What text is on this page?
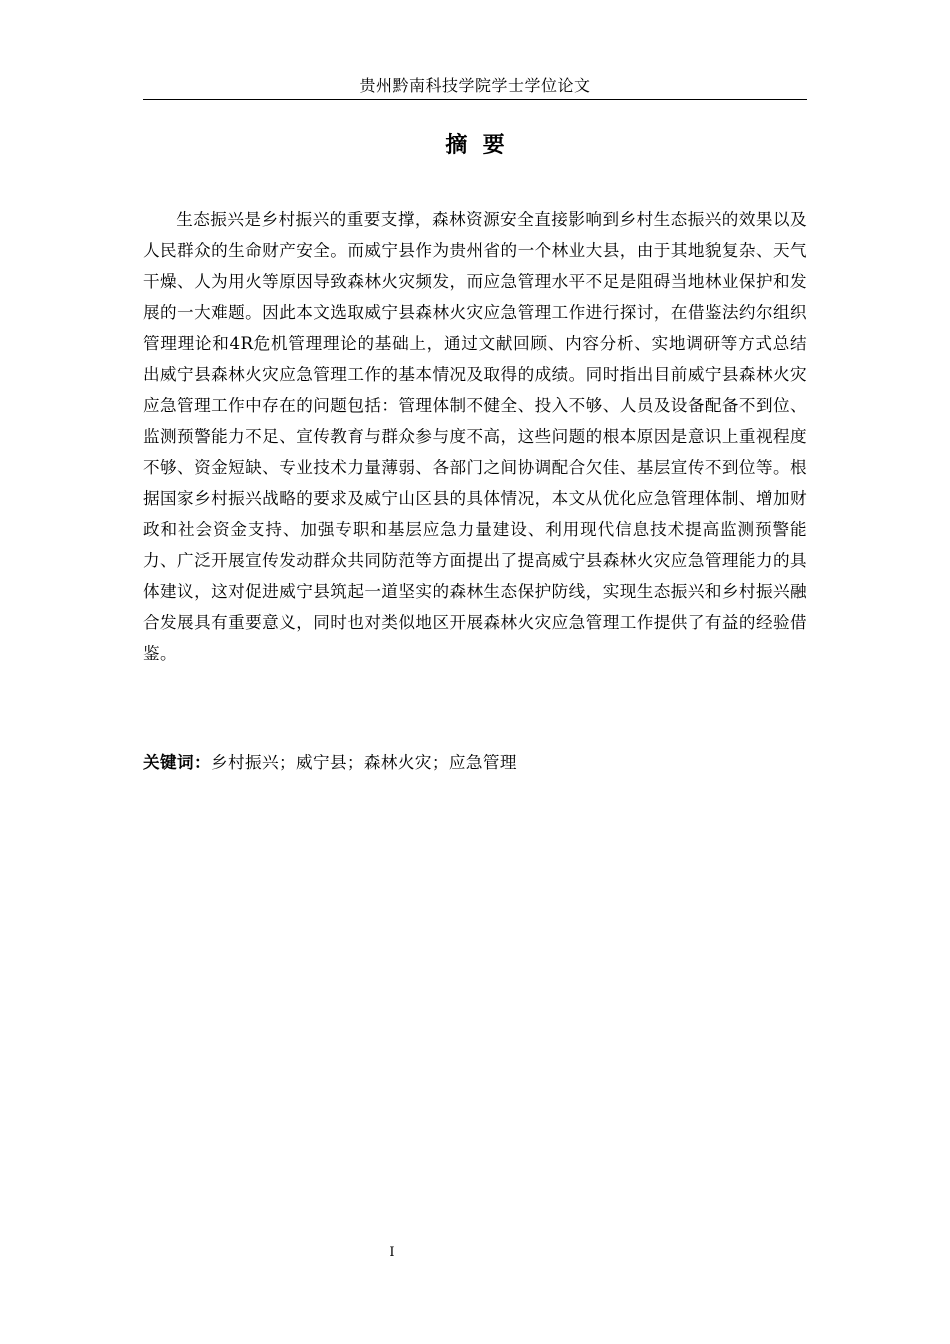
贵州黔南科技学院学士学位论文
摘  要

生态振兴是乡村振兴的重要支撑，森林资源安全直接影响到乡村生态振兴的效果以及人民群众的生命财产安全。而威宁县作为贵州省的一个林业大县，由于其地貌复杂、天气干燥、人为用火等原因导致森林火灾频发，而应急管理水平不足是阻碍当地林业保护和发展的一大难题。因此本文选取威宁县森林火灾应急管理工作进行探讨，在借鉴法约尔组织管理理论和4R危机管理理论的基础上，通过文献回顾、内容分析、实地调研等方式总结出威宁县森林火灾应急管理工作的基本情况及取得的成绩。同时指出目前威宁县森林火灾应急管理工作中存在的问题包括：管理体制不健全、投入不够、人员及设备配备不到位、监测预警能力不足、宣传教育与群众参与度不高，这些问题的根本原因是意识上重视程度不够、资金短缺、专业技术力量薄弱、各部门之间协调配合欠佳、基层宣传不到位等。根据国家乡村振兴战略的要求及威宁山区县的具体情况，本文从优化应急管理体制、增加财政和社会资金支持、加强专职和基层应急力量建设、利用现代信息技术提高监测预警能力、广泛开展宣传发动群众共同防范等方面提出了提高威宁县森林火灾应急管理能力的具体建议，这对促进威宁县筑起一道坚实的森林生态保护防线，实现生态振兴和乡村振兴融合发展具有重要意义，同时也对类似地区开展森林火灾应急管理工作提供了有益的经验借鉴。

关键词：乡村振兴；威宁县；森林火灾；应急管理
I
